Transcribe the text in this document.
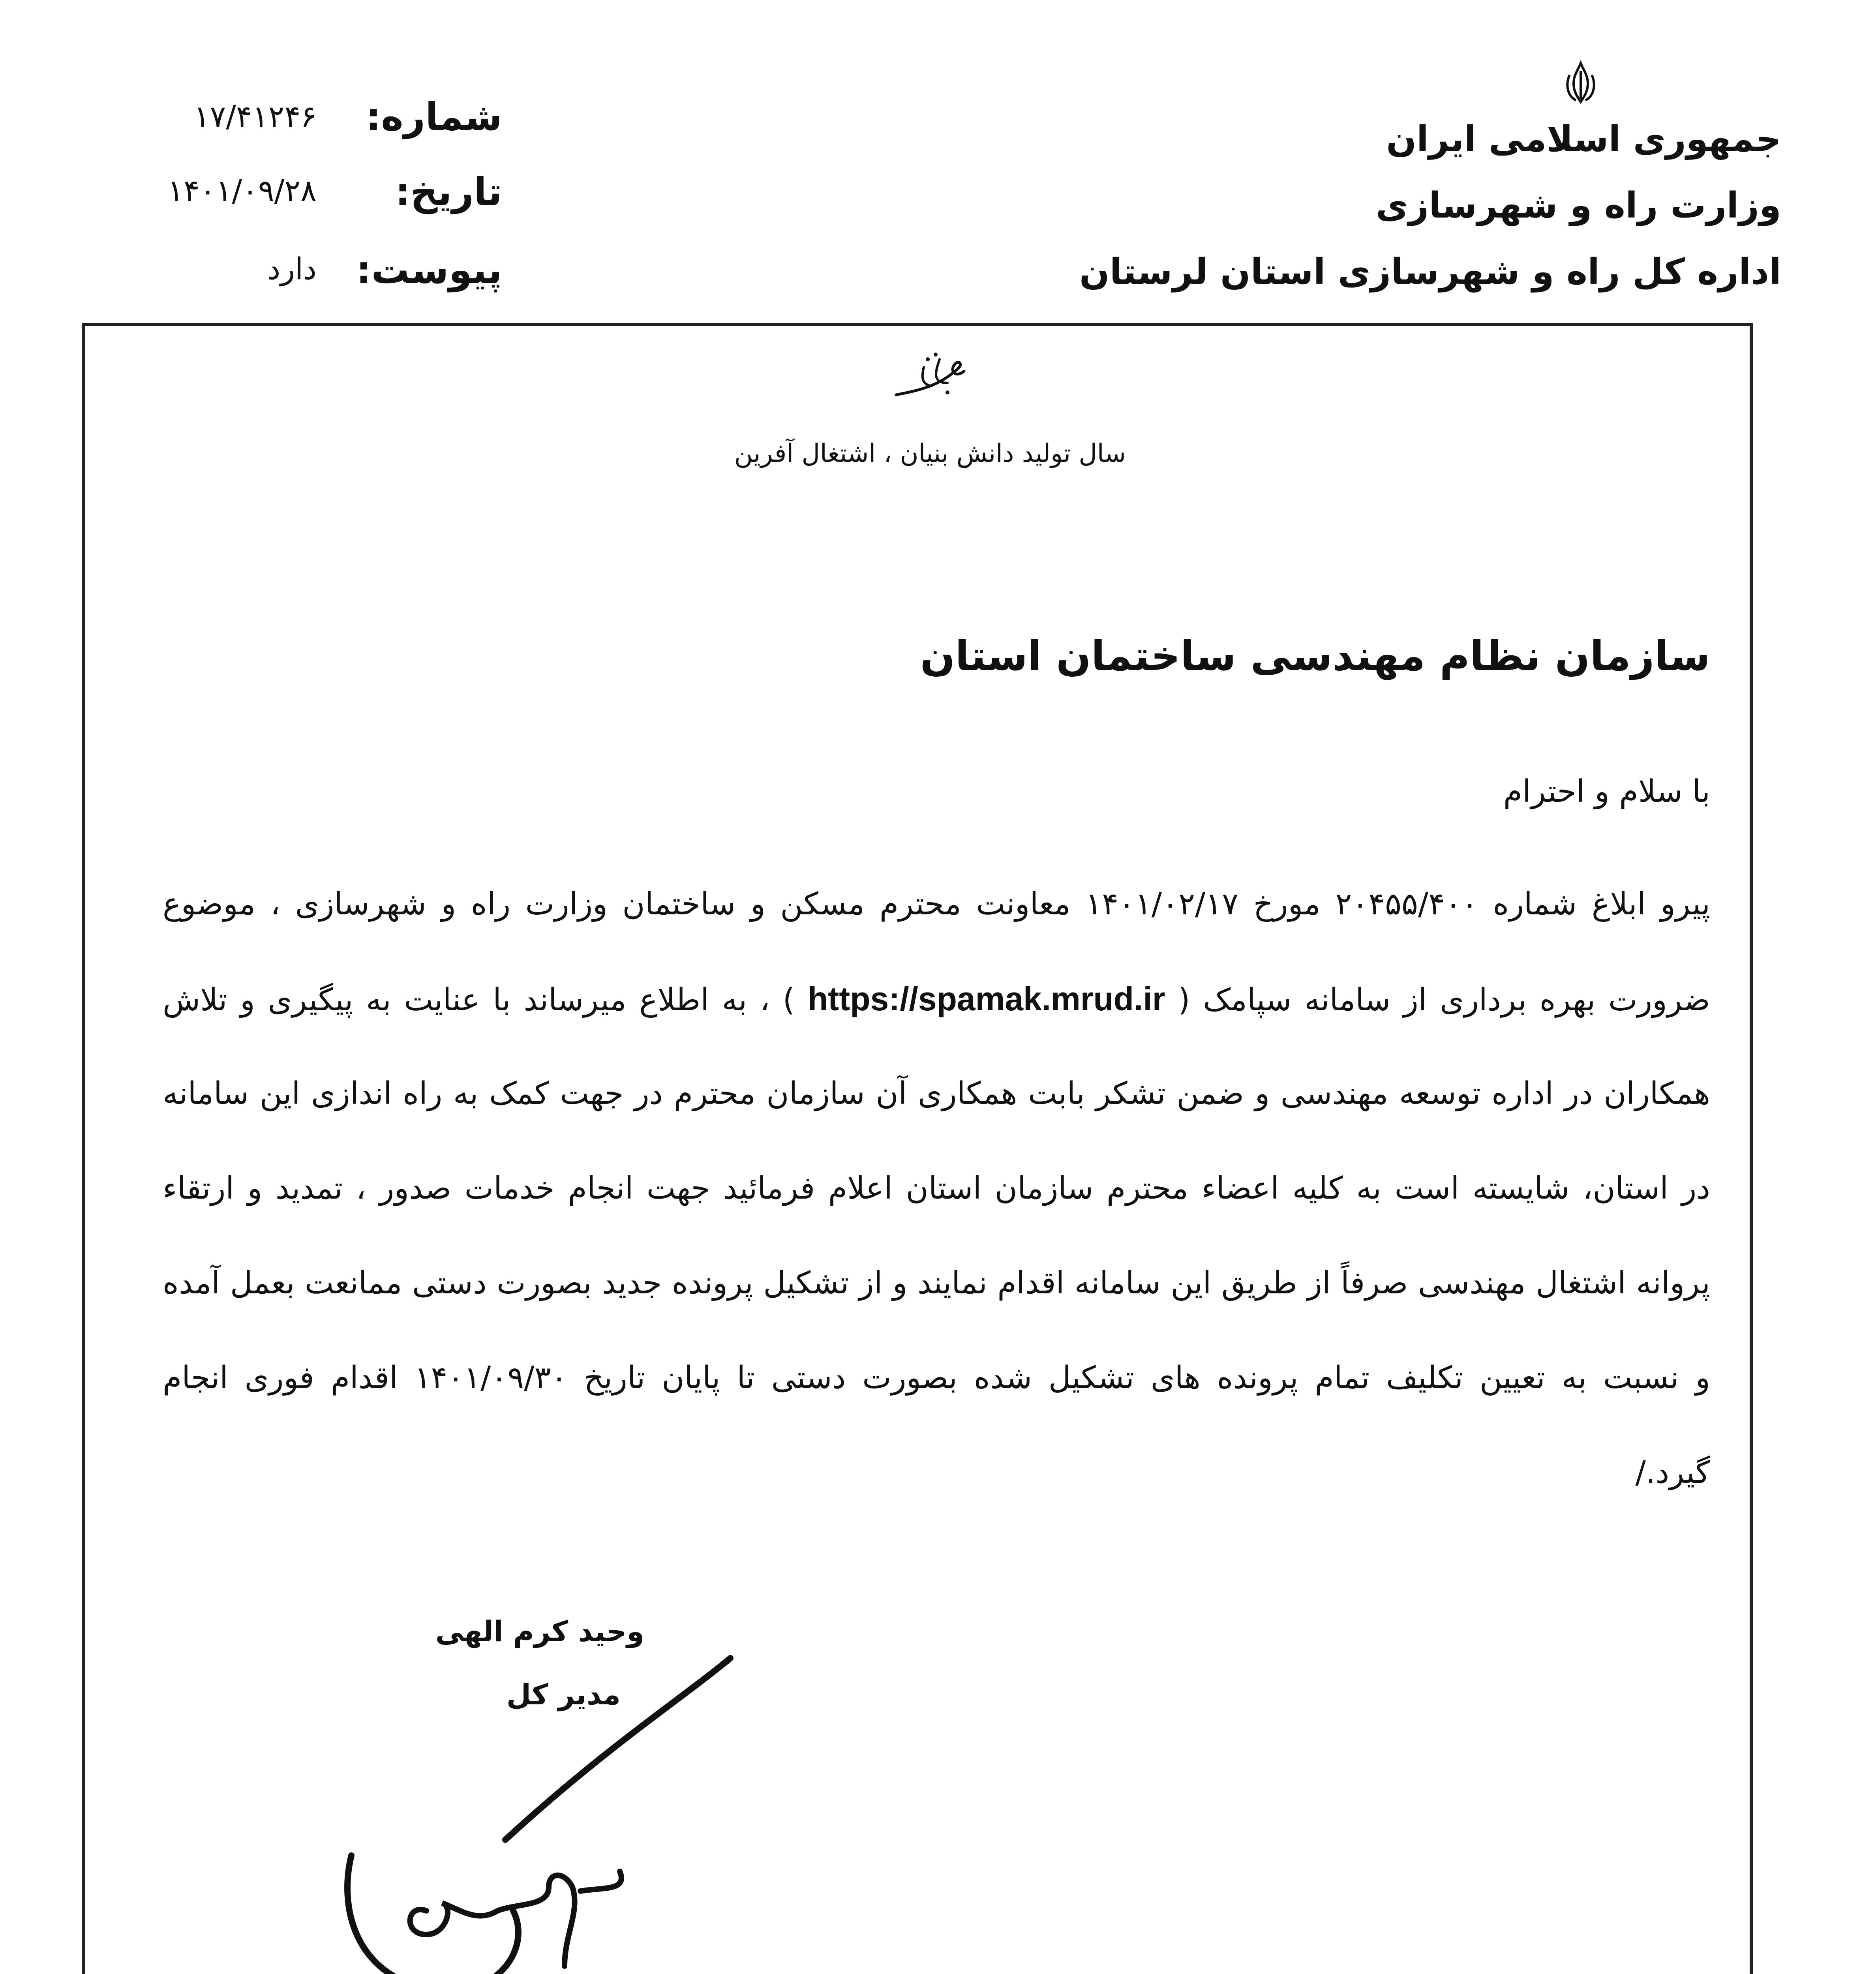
جمهوری اسلامی ایران
وزارت راه و شهرسازی
اداره کل راه و شهرسازی استان لرستان
شماره:
۱۷/۴۱۲۴۶
تاریخ:
۱۴۰۱/۰۹/۲۸
پیوست:
دارد
سال تولید دانش بنیان ، اشتغال آفرین
سازمان نظام مهندسی ساختمان استان
با سلام و احترام
پیرو ابلاغ شماره ۲۰۴۵۵/۴۰۰ مورخ ۱۴۰۱/۰۲/۱۷ معاونت محترم مسکن و ساختمان وزارت راه و شهرسازی ، موضوع
ضرورت بهره برداری از سامانه سپامک ( https://spamak.mrud.ir ) ، به اطلاع میرساند با عنایت به پیگیری و تلاش
همکاران در اداره توسعه مهندسی و ضمن تشکر بابت همکاری آن سازمان محترم در جهت کمک به راه اندازی این سامانه
در استان، شایسته است به کلیه اعضاء محترم سازمان استان اعلام فرمائید جهت انجام خدمات صدور ، تمدید و ارتقاء
پروانه اشتغال مهندسی صرفاً از طریق این سامانه اقدام نمایند و از تشکیل پرونده جدید بصورت دستی ممانعت بعمل آمده
و نسبت به تعیین تکلیف تمام پرونده های تشکیل شده بصورت دستی تا پایان تاریخ ۱۴۰۱/۰۹/۳۰ اقدام فوری انجام
گیرد./
وحید کرم الهی
مدیر کل
